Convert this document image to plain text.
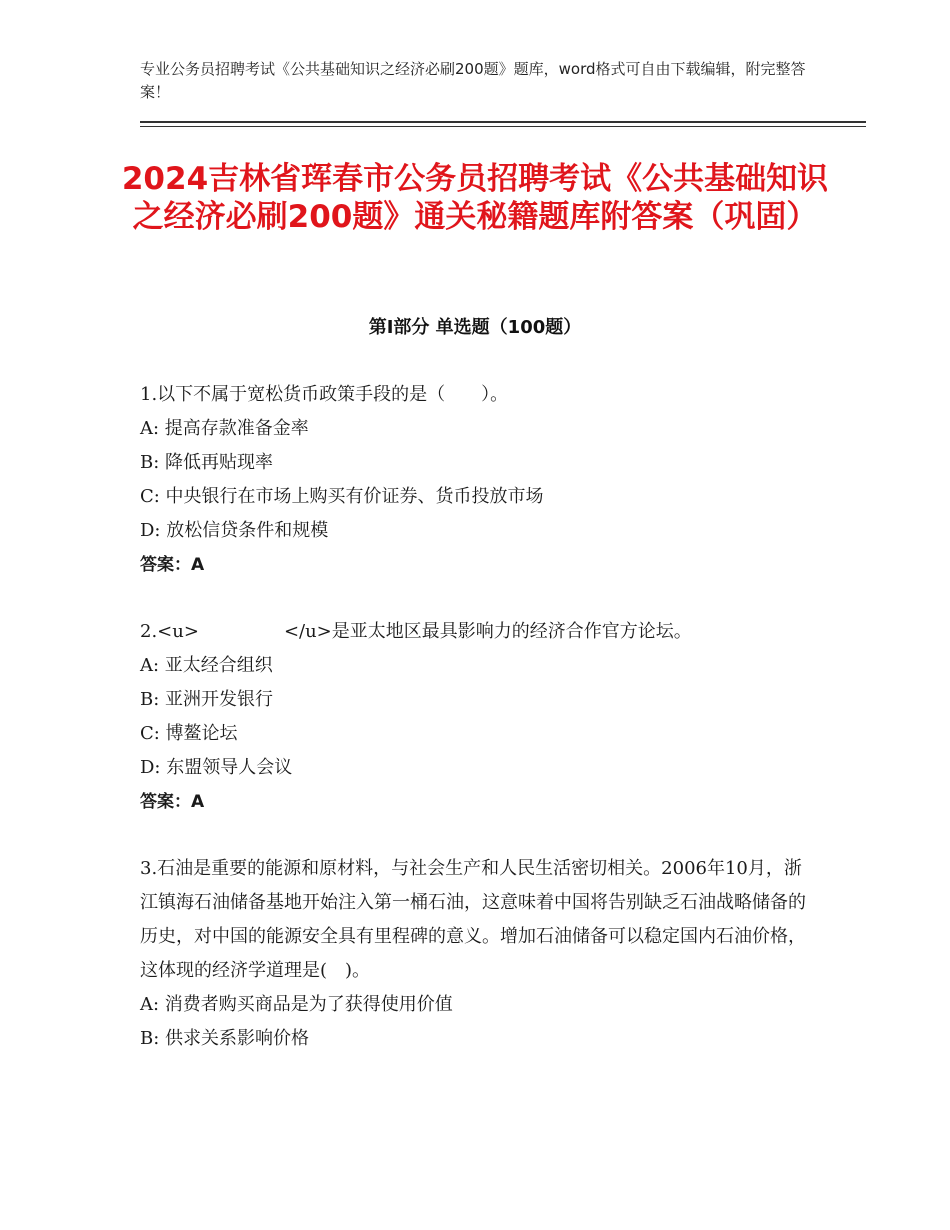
专业公务员招聘考试《公共基础知识之经济必刷200题》题库，word格式可自由下载编辑，附完整答案！
2024吉林省珲春市公务员招聘考试《公共基础知识之经济必刷200题》通关秘籍题库附答案（巩固）
第Ⅰ部分 单选题（100题）
1.以下不属于宽松货币政策手段的是（　　）。
A: 提高存款准备金率
B: 降低再贴现率
C: 中央银行在市场上购买有价证券、货币投放市场
D: 放松信贷条件和规模
答案：A
2.<u>	</u>是亚太地区最具影响力的经济合作官方论坛。
A: 亚太经合组织
B: 亚洲开发银行
C: 博鳌论坛
D: 东盟领导人会议
答案：A
3.石油是重要的能源和原材料，与社会生产和人民生活密切相关。2006年10月，浙江镇海石油储备基地开始注入第一桶石油，这意味着中国将告别缺乏石油战略储备的历史，对中国的能源安全具有里程碑的意义。增加石油储备可以稳定国内石油价格，这体现的经济学道理是(　)。
A: 消费者购买商品是为了获得使用价值
B: 供求关系影响价格
